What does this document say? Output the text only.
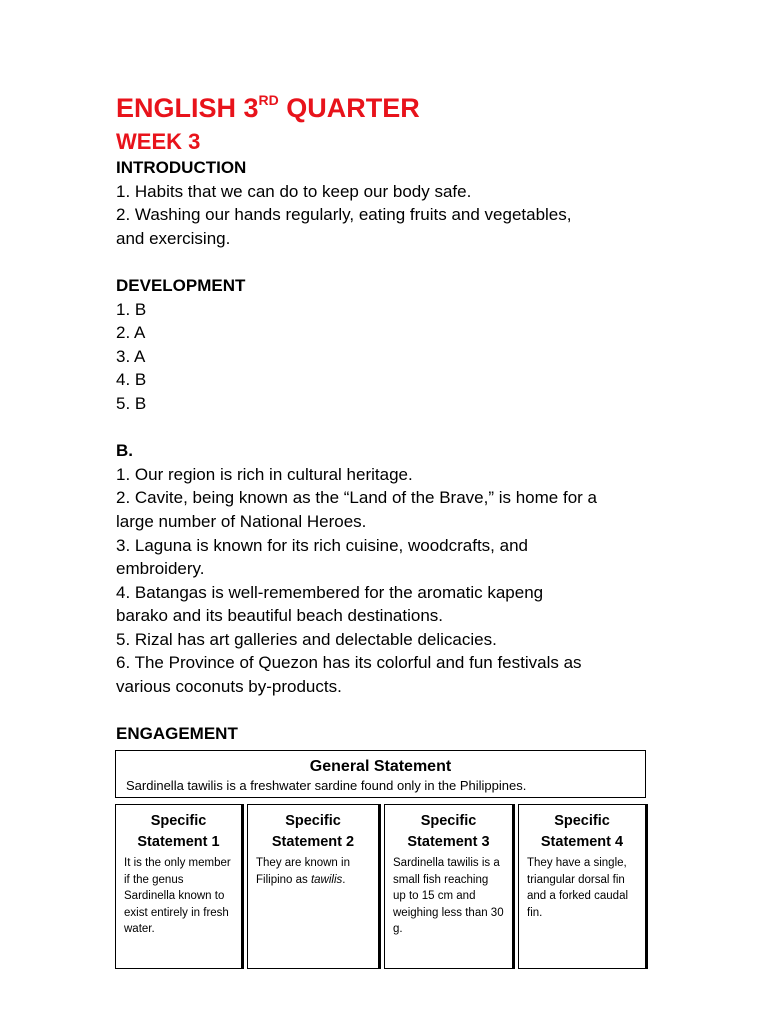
ENGLISH 3RD QUARTER

WEEK 3

INTRODUCTION

1. Habits that we can do to keep our body safe.

2. Washing our hands regularly, eating fruits and vegetables,

and exercising.

DEVELOPMENT

1. B

2. A

3. A

4. B

5. B

B.

1. Our region is rich in cultural heritage.

2. Cavite, being known as the “Land of the Brave,” is home for a

large number of National Heroes.

3. Laguna is known for its rich cuisine, woodcrafts, and

embroidery.

4. Batangas is well-remembered for the aromatic kapeng

barako and its beautiful beach destinations.

5. Rizal has art galleries and delectable delicacies.

6. The Province of Quezon has its colorful and fun festivals as

various coconuts by-products.

ENGAGEMENT

General Statement
Sardinella tawilis is a freshwater sardine found only in the Philippines.
Specific
Statement 1
It is the only member if the genus Sardinella known to exist entirely in fresh water.
Specific
Statement 2
They are known in Filipino as tawilis.
Specific
Statement 3
Sardinella tawilis is a small fish reaching up to 15 cm and weighing less than 30 g.
Specific
Statement 4
They have a single, triangular dorsal fin and a forked caudal fin.
